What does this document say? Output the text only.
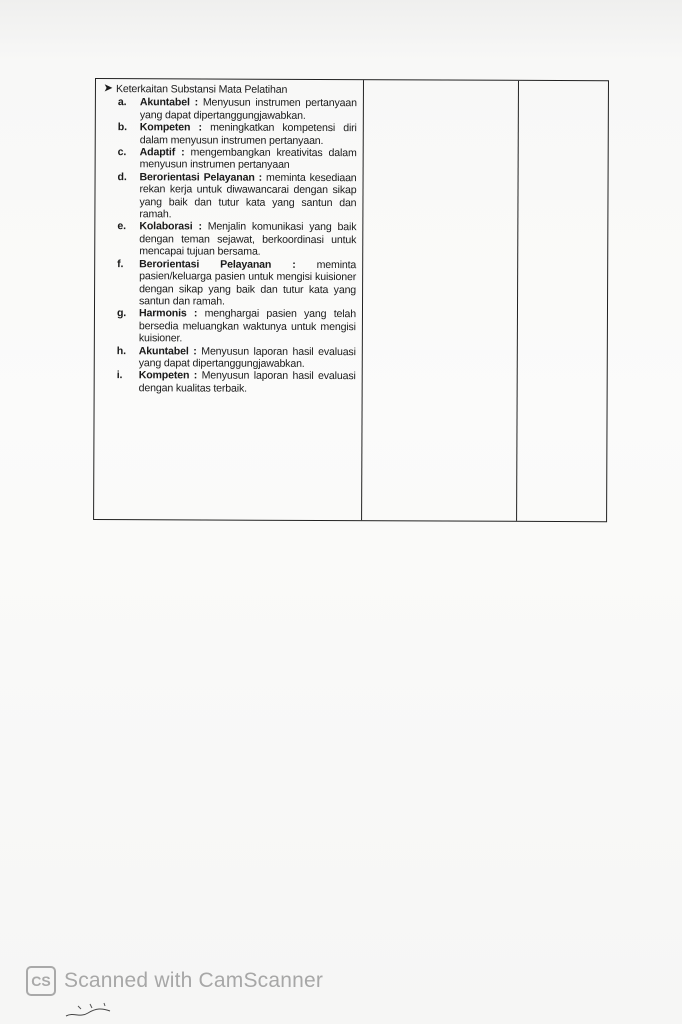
➤ Keterkaitan Substansi Mata Pelatihan
a.	Akuntabel : Menyusun instrumen pertanyaan yang dapat dipertanggungjawabkan.
b.	Kompeten : meningkatkan kompetensi diri dalam menyusun instrumen pertanyaan.
c.	Adaptif : mengembangkan kreativitas dalam menyusun instrumen pertanyaan
d.	Berorientasi Pelayanan : meminta kesediaan rekan kerja untuk diwawancarai dengan sikap yang baik dan tutur kata yang santun dan ramah.
e.	Kolaborasi : Menjalin komunikasi yang baik dengan teman sejawat, berkoordinasi untuk mencapai tujuan bersama.
f.	Berorientasi Pelayanan : meminta pasien/keluarga pasien untuk mengisi kuisioner dengan sikap yang baik dan tutur kata yang santun dan ramah.
g.	Harmonis : menghargai pasien yang telah bersedia meluangkan waktunya untuk mengisi kuisioner.
h.	Akuntabel : Menyusun laporan hasil evaluasi yang dapat dipertanggungjawabkan.
i.	Kompeten : Menyusun laporan hasil evaluasi dengan kualitas terbaik.
CS Scanned with CamScanner
